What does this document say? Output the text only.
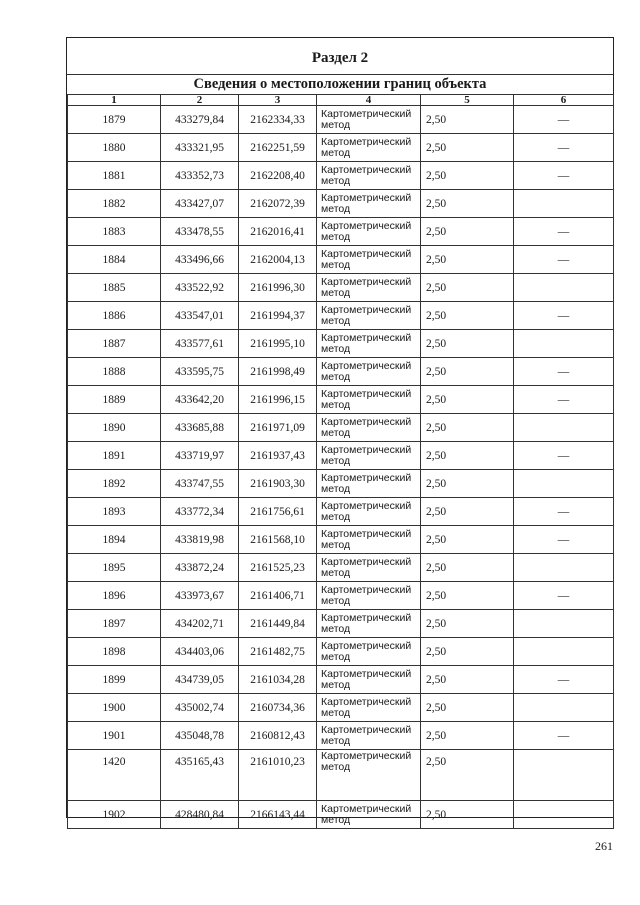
Раздел 2
Сведения о местоположении границ объекта
1	2	3	4	5	6
1879	433279,84	2162334,33	Картометрический метод	2,50	—
1880	433321,95	2162251,59	Картометрический метод	2,50	—
1881	433352,73	2162208,40	Картометрический метод	2,50	—
1882	433427,07	2162072,39	Картометрический метод	2,50	
1883	433478,55	2162016,41	Картометрический метод	2,50	—
1884	433496,66	2162004,13	Картометрический метод	2,50	—
1885	433522,92	2161996,30	Картометрический метод	2,50	
1886	433547,01	2161994,37	Картометрический метод	2,50	—
1887	433577,61	2161995,10	Картометрический метод	2,50	
1888	433595,75	2161998,49	Картометрический метод	2,50	—
1889	433642,20	2161996,15	Картометрический метод	2,50	—
1890	433685,88	2161971,09	Картометрический метод	2,50	
1891	433719,97	2161937,43	Картометрический метод	2,50	—
1892	433747,55	2161903,30	Картометрический метод	2,50	
1893	433772,34	2161756,61	Картометрический метод	2,50	—
1894	433819,98	2161568,10	Картометрический метод	2,50	—
1895	433872,24	2161525,23	Картометрический метод	2,50	
1896	433973,67	2161406,71	Картометрический метод	2,50	—
1897	434202,71	2161449,84	Картометрический метод	2,50	
1898	434403,06	2161482,75	Картометрический метод	2,50	
1899	434739,05	2161034,28	Картометрический метод	2,50	—
1900	435002,74	2160734,36	Картометрический метод	2,50	
1901	435048,78	2160812,43	Картометрический метод	2,50	—
1420	435165,43	2161010,23	Картометрический метод	2,50	
1902	428480,84	2166143,44	Картометрический метод	2,50	
261
